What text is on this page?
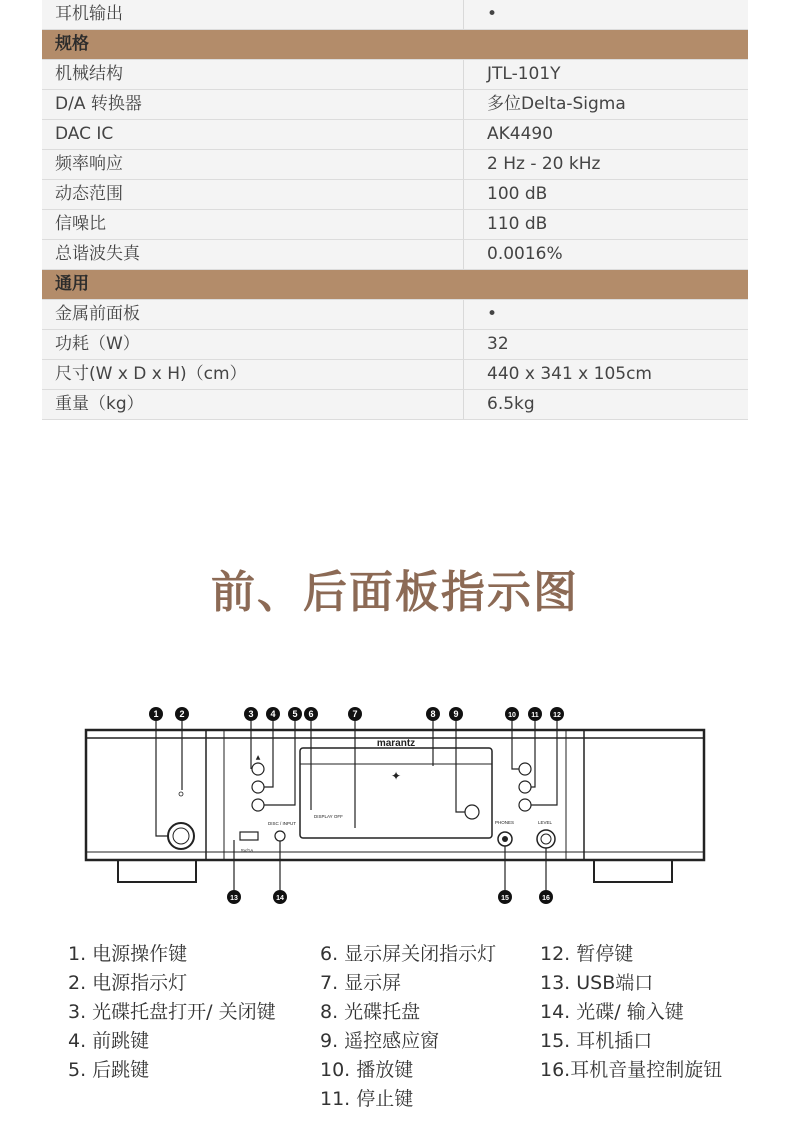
耳机输出	•
规格
机械结构	JTL-101Y
D/A 转换器	多位Delta-Sigma
DAC IC	AK4490
频率响应	2 Hz - 20 kHz
动态范围	100 dB
信噪比	110 dB
总谐波失真	0.0016%
通用
金属前面板	•
功耗（W）	32
尺寸(W x D x H)（cm）	440 x 341 x 105cm
重量（kg）	6.5kg
前、后面板指示图
marantz
✦
DISPLAY OFF
▲
5V/1A
DISC / INPUT	PHONES	LEVEL
1 2	3 4 5 6	7	8 9	10 11 12
13	14	15	16
1. 电源操作键
2. 电源指示灯
3. 光碟托盘打开/ 关闭键
4. 前跳键
5. 后跳键
6. 显示屏关闭指示灯
7. 显示屏
8. 光碟托盘
9. 遥控感应窗
10. 播放键
11. 停止键
12. 暂停键
13. USB端口
14. 光碟/ 输入键
15. 耳机插口
16.耳机音量控制旋钮
